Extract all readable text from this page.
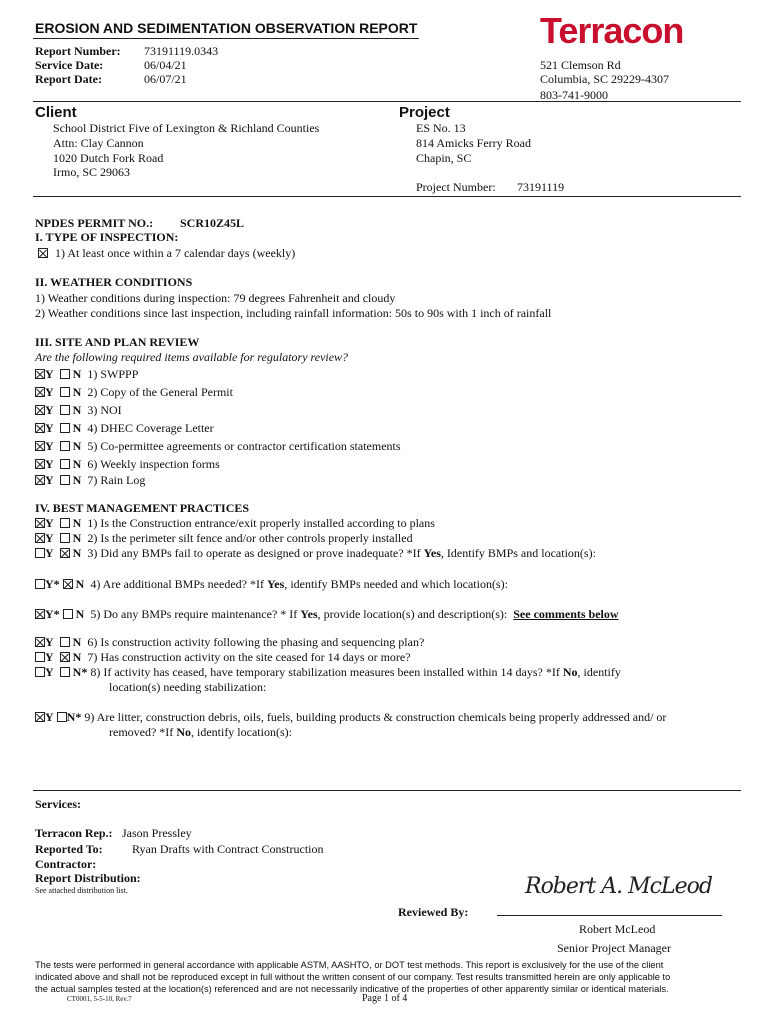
EROSION AND SEDIMENTATION OBSERVATION REPORT
Report Number: 73191119.0343
Service Date:	06/04/21
Report Date:	06/07/21
Terracon
521 Clemson Rd
Columbia, SC 29229-4307
803-741-9000
Client
School District Five of Lexington & Richland Counties
Attn: Clay Cannon
1020 Dutch Fork Road
Irmo, SC 29063
Project
ES No. 13
814 Amicks Ferry Road
Chapin, SC
Project Number: 73191119
NPDES PERMIT NO.: SCR10Z45L
I. TYPE OF INSPECTION:
1) At least once within a 7 calendar days (weekly)
II. WEATHER CONDITIONS
1) Weather conditions during inspection: 79 degrees Fahrenheit and cloudy
2) Weather conditions since last inspection, including rainfall information: 50s to 90s with 1 inch of rainfall
III. SITE AND PLAN REVIEW
Are the following required items available for regulatory review?
Y N 1) SWPPP
Y N 2) Copy of the General Permit
Y N 3) NOI
Y N 4) DHEC Coverage Letter
Y N 5) Co-permittee agreements or contractor certification statements
Y N 6) Weekly inspection forms
Y N 7) Rain Log
IV. BEST MANAGEMENT PRACTICES
Y N 1) Is the Construction entrance/exit properly installed according to plans
Y N 2) Is the perimeter silt fence and/or other controls properly installed
Y N 3) Did any BMPs fail to operate as designed or prove inadequate? *If Yes, Identify BMPs and location(s):
Y* N 4) Are additional BMPs needed? *If Yes, identify BMPs needed and which location(s):
Y* N 5) Do any BMPs require maintenance? * If Yes, provide location(s) and description(s): See comments below
Y N 6) Is construction activity following the phasing and sequencing plan?
Y N 7) Has construction activity on the site ceased for 14 days or more?
Y N* 8) If activity has ceased, have temporary stabilization measures been installed within 14 days? *If No, identify
location(s) needing stabilization:
Y N* 9) Are litter, construction debris, oils, fuels, building products & construction chemicals being properly addressed and/ or
removed? *If No, identify location(s):
Services:
Terracon Rep.: Jason Pressley
Reported To: Ryan Drafts with Contract Construction
Contractor:
Report Distribution:
See attached distribution list.
Reviewed By:
Robert A. McLeod
Robert McLeod
Senior Project Manager
The tests were performed in general accordance with applicable ASTM, AASHTO, or DOT test methods. This report is exclusively for the use of the client
indicated above and shall not be reproduced except in full without the written consent of our company. Test results transmitted herein are only applicable to
the actual samples tested at the location(s) referenced and are not necessarily indicative of the properties of other apparently similar or identical materials.
CT0001, 5-5-10, Rev.7	Page 1 of 4
